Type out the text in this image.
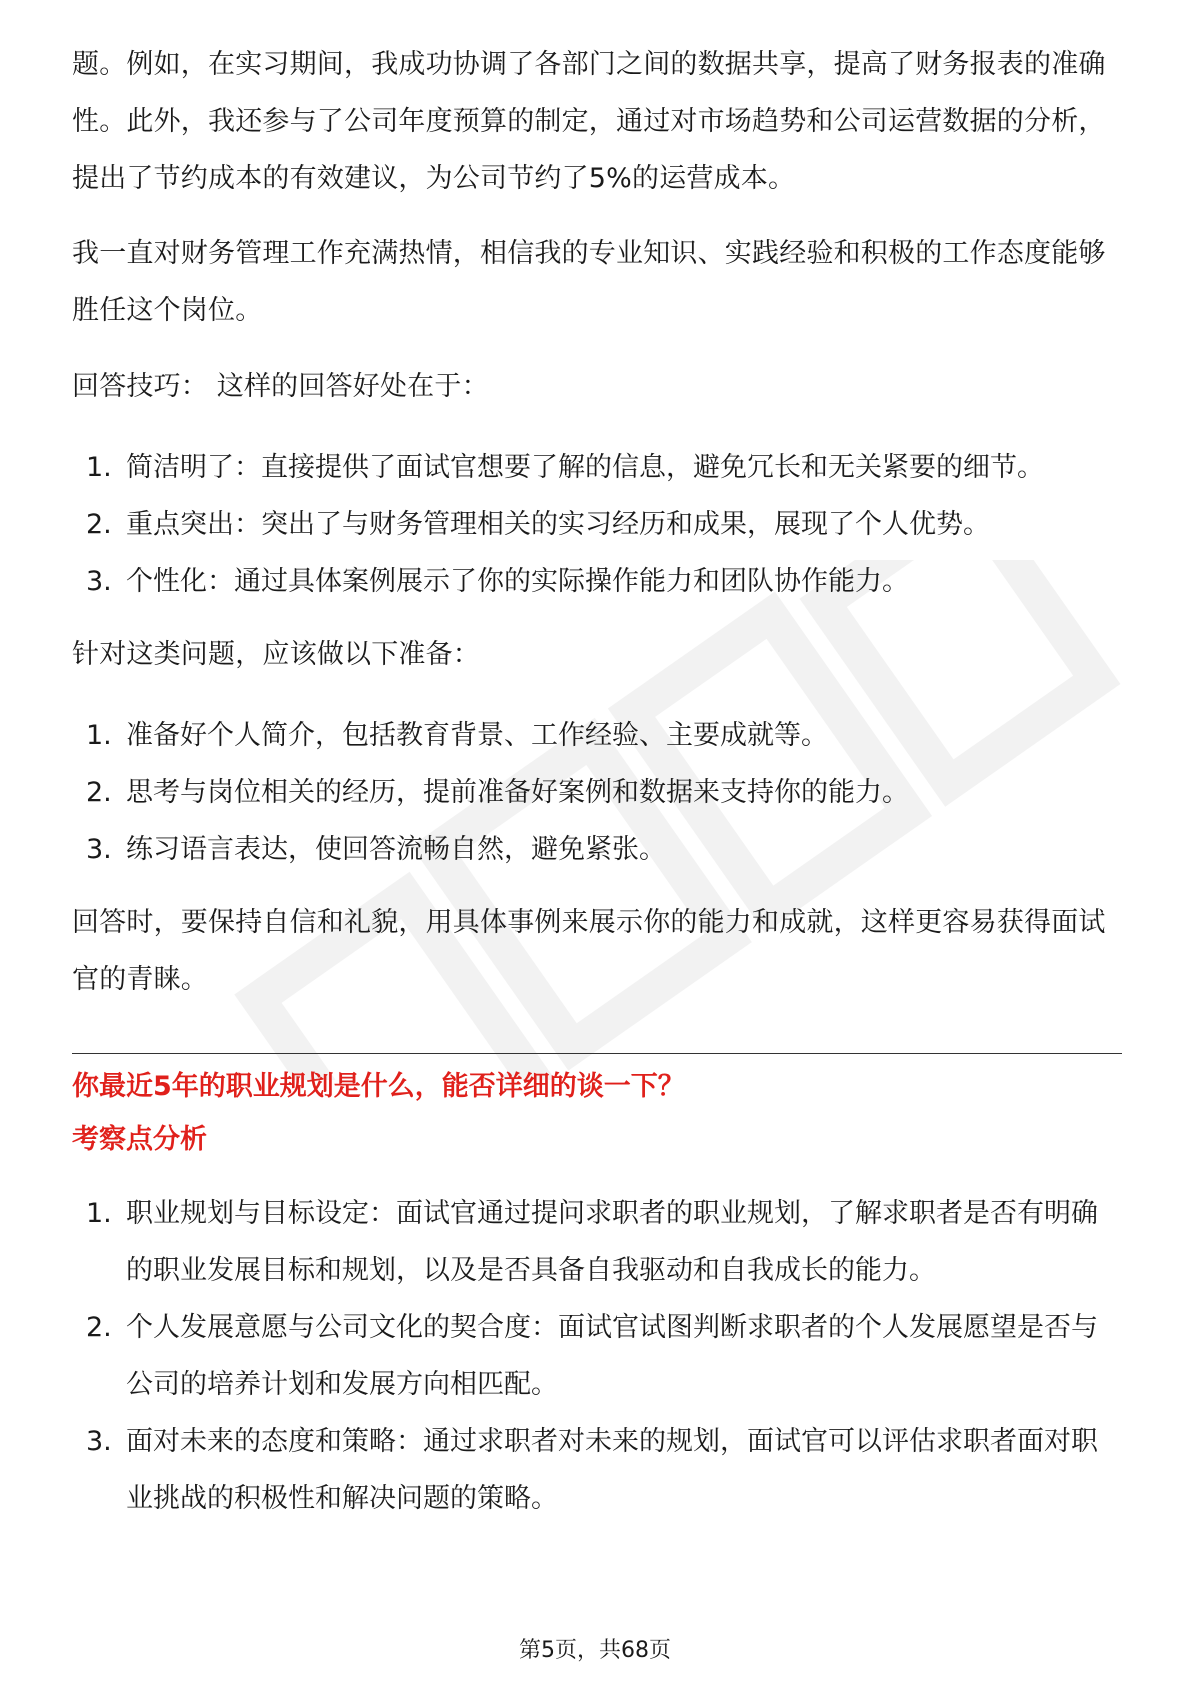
题。例如，在实习期间，我成功协调了各部门之间的数据共享，提高了财务报表的准确性。此外，我还参与了公司年度预算的制定，通过对市场趋势和公司运营数据的分析，提出了节约成本的有效建议，为公司节约了5%的运营成本。

我一直对财务管理工作充满热情，相信我的专业知识、实践经验和积极的工作态度能够胜任这个岗位。

回答技巧： 这样的回答好处在于：

1. 简洁明了：直接提供了面试官想要了解的信息，避免冗长和无关紧要的细节。
2. 重点突出：突出了与财务管理相关的实习经历和成果，展现了个人优势。
3. 个性化：通过具体案例展示了你的实际操作能力和团队协作能力。

针对这类问题，应该做以下准备：

1. 准备好个人简介，包括教育背景、工作经验、主要成就等。
2. 思考与岗位相关的经历，提前准备好案例和数据来支持你的能力。
3. 练习语言表达，使回答流畅自然，避免紧张。

回答时，要保持自信和礼貌，用具体事例来展示你的能力和成就，这样更容易获得面试官的青睐。

你最近5年的职业规划是什么，能否详细的谈一下？

考察点分析

1. 职业规划与目标设定：面试官通过提问求职者的职业规划，了解求职者是否有明确的职业发展目标和规划，以及是否具备自我驱动和自我成长的能力。
2. 个人发展意愿与公司文化的契合度：面试官试图判断求职者的个人发展愿望是否与公司的培养计划和发展方向相匹配。
3. 面对未来的态度和策略：通过求职者对未来的规划，面试官可以评估求职者面对职业挑战的积极性和解决问题的策略。
第5页，共68页
